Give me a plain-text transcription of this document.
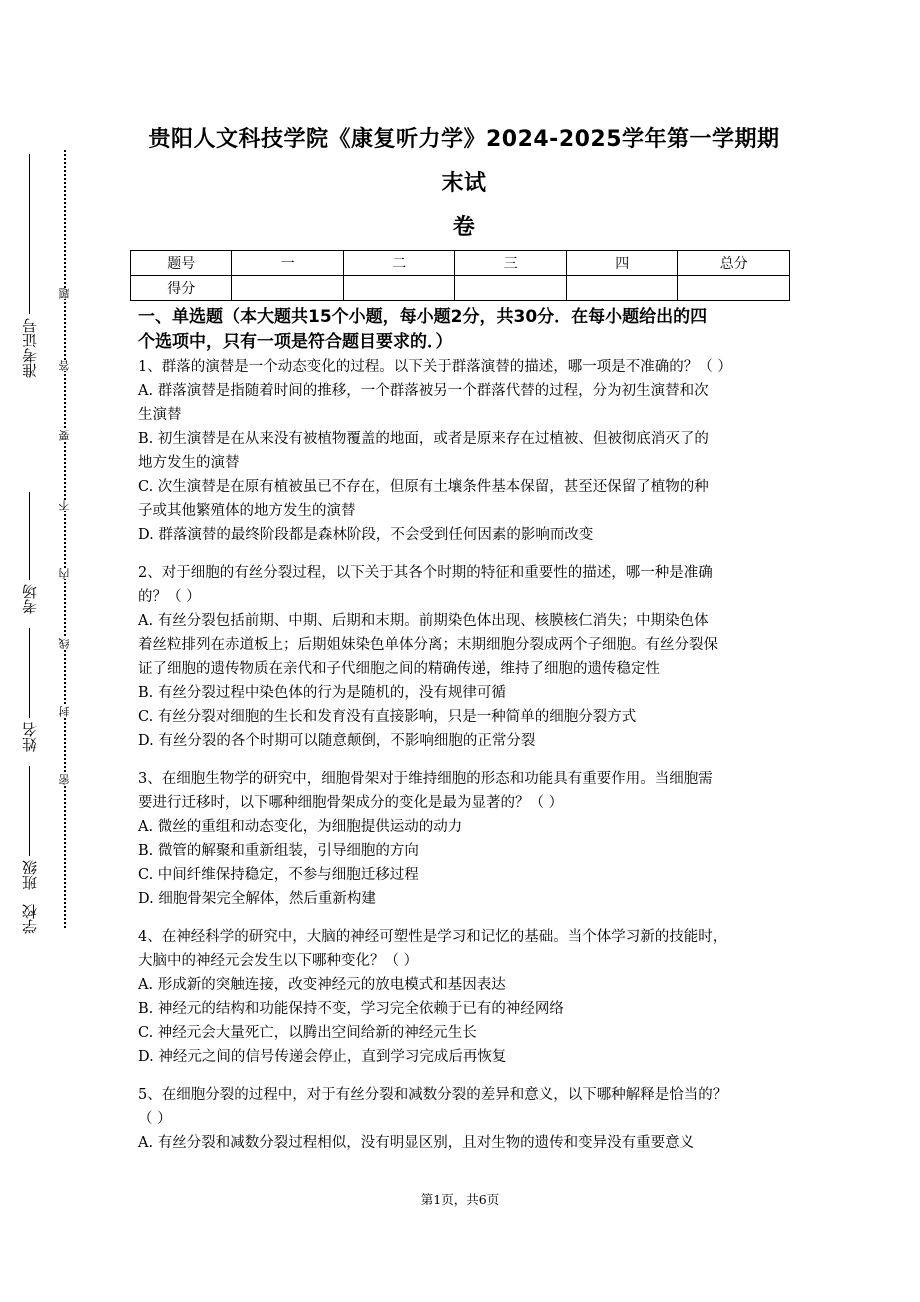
准考证号
考场
姓名
班级
学校
题
答
要
不
内
线
封
密

贵阳人文科技学院《康复听力学》2024-2025学年第一学期期末试

卷

题号	一	二	三	四	总分
得分					

一、单选题（本大题共15个小题，每小题2分，共30分．在每小题给出的四

个选项中，只有一项是符合题目要求的．）

1、群落的演替是一个动态变化的过程。以下关于群落演替的描述，哪一项是不准确的？（ ）

A. 群落演替是指随着时间的推移，一个群落被另一个群落代替的过程，分为初生演替和次

生演替

B. 初生演替是在从来没有被植物覆盖的地面，或者是原来存在过植被、但被彻底消灭了的

地方发生的演替

C. 次生演替是在原有植被虽已不存在，但原有土壤条件基本保留，甚至还保留了植物的种

子或其他繁殖体的地方发生的演替

D. 群落演替的最终阶段都是森林阶段，不会受到任何因素的影响而改变

2、对于细胞的有丝分裂过程，以下关于其各个时期的特征和重要性的描述，哪一种是准确

的？（ ）

A. 有丝分裂包括前期、中期、后期和末期。前期染色体出现、核膜核仁消失；中期染色体

着丝粒排列在赤道板上；后期姐妹染色单体分离；末期细胞分裂成两个子细胞。有丝分裂保

证了细胞的遗传物质在亲代和子代细胞之间的精确传递，维持了细胞的遗传稳定性

B. 有丝分裂过程中染色体的行为是随机的，没有规律可循

C. 有丝分裂对细胞的生长和发育没有直接影响，只是一种简单的细胞分裂方式

D. 有丝分裂的各个时期可以随意颠倒，不影响细胞的正常分裂

3、在细胞生物学的研究中，细胞骨架对于维持细胞的形态和功能具有重要作用。当细胞需

要进行迁移时，以下哪种细胞骨架成分的变化是最为显著的？（ ）

A. 微丝的重组和动态变化，为细胞提供运动的动力

B. 微管的解聚和重新组装，引导细胞的方向

C. 中间纤维保持稳定，不参与细胞迁移过程

D. 细胞骨架完全解体，然后重新构建

4、在神经科学的研究中，大脑的神经可塑性是学习和记忆的基础。当个体学习新的技能时，

大脑中的神经元会发生以下哪种变化？（ ）

A. 形成新的突触连接，改变神经元的放电模式和基因表达

B. 神经元的结构和功能保持不变，学习完全依赖于已有的神经网络

C. 神经元会大量死亡，以腾出空间给新的神经元生长

D. 神经元之间的信号传递会停止，直到学习完成后再恢复

5、在细胞分裂的过程中，对于有丝分裂和减数分裂的差异和意义，以下哪种解释是恰当的？

（ ）

A. 有丝分裂和减数分裂过程相似，没有明显区别，且对生物的遗传和变异没有重要意义

第1页，共6页
